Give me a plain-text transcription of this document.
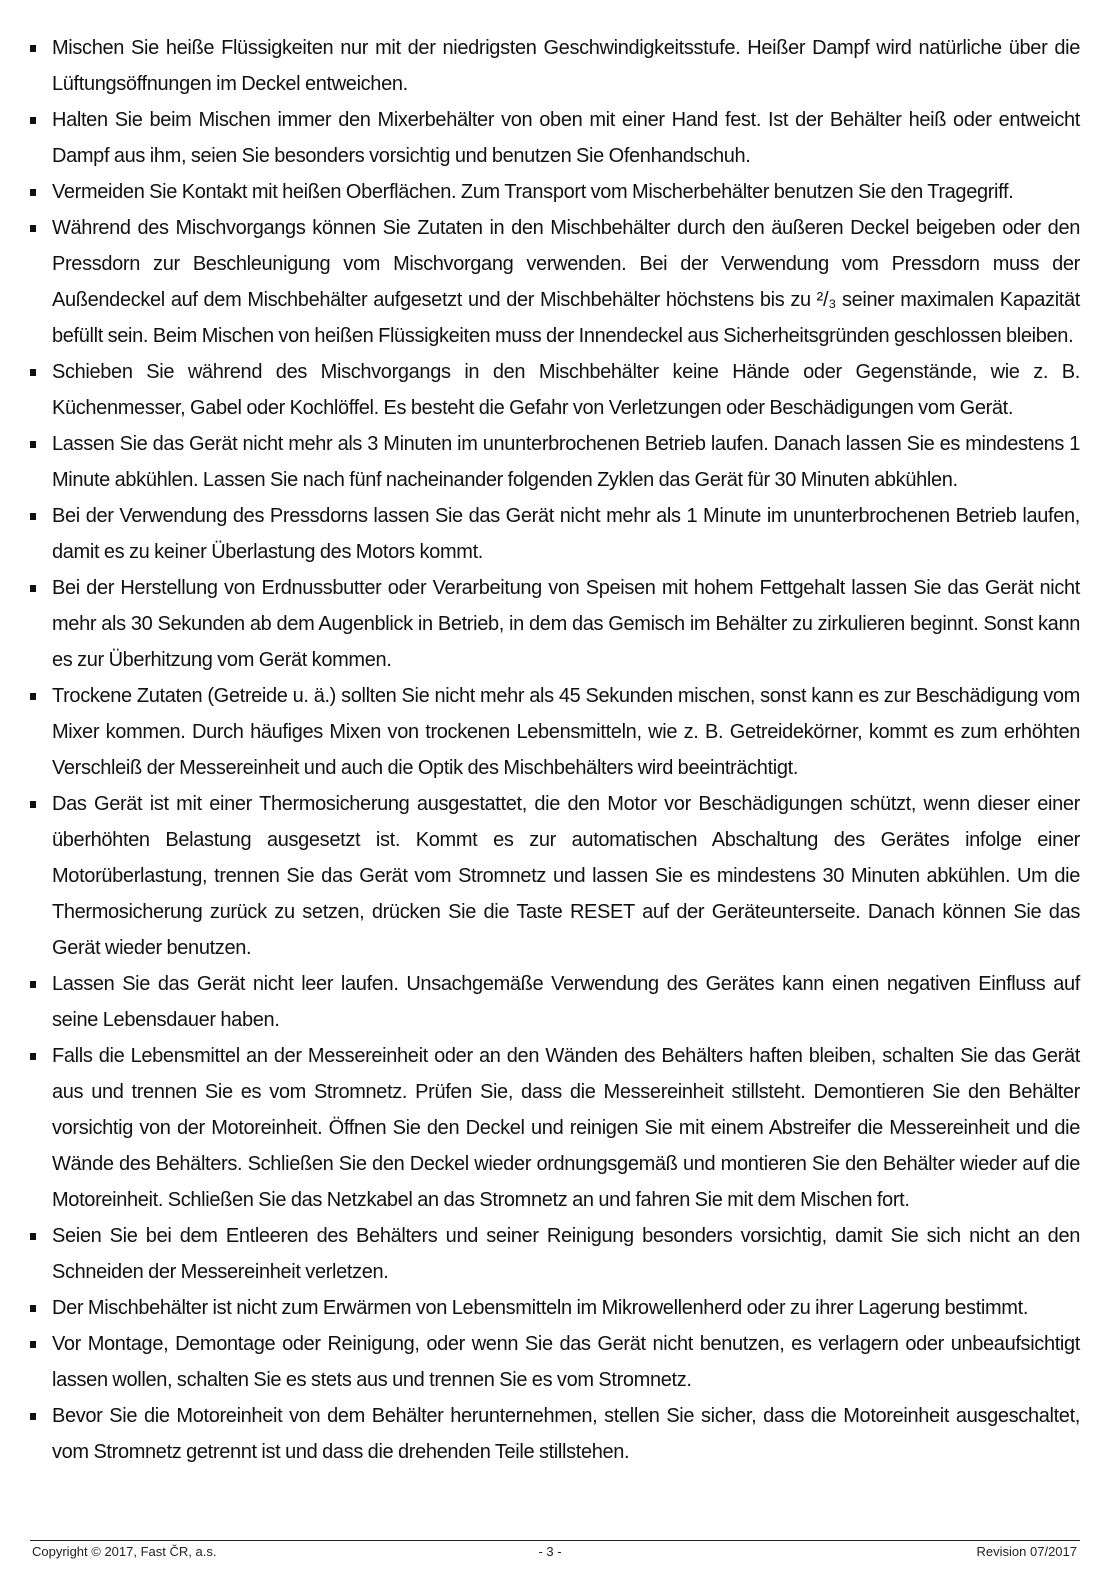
Mischen Sie heiße Flüssigkeiten nur mit der niedrigsten Geschwindigkeitsstufe. Heißer Dampf wird natürliche über die Lüftungsöffnungen im Deckel entweichen.
Halten Sie beim Mischen immer den Mixerbehälter von oben mit einer Hand fest. Ist der Behälter heiß oder entweicht Dampf aus ihm, seien Sie besonders vorsichtig und benutzen Sie Ofenhandschuh.
Vermeiden Sie Kontakt mit heißen Oberflächen. Zum Transport vom Mischerbehälter benutzen Sie den Tragegriff.
Während des Mischvorgangs können Sie Zutaten in den Mischbehälter durch den äußeren Deckel beigeben oder den Pressdorn zur Beschleunigung vom Mischvorgang verwenden. Bei der Verwendung vom Pressdorn muss der Außendeckel auf dem Mischbehälter aufgesetzt und der Mischbehälter höchstens bis zu ²/₃ seiner maximalen Kapazität befüllt sein. Beim Mischen von heißen Flüssigkeiten muss der Innendeckel aus Sicherheitsgründen geschlossen bleiben.
Schieben Sie während des Mischvorgangs in den Mischbehälter keine Hände oder Gegenstände, wie z. B. Küchenmesser, Gabel oder Kochlöffel. Es besteht die Gefahr von Verletzungen oder Beschädigungen vom Gerät.
Lassen Sie das Gerät nicht mehr als 3 Minuten im ununterbrochenen Betrieb laufen. Danach lassen Sie es mindestens 1 Minute abkühlen. Lassen Sie nach fünf nacheinander folgenden Zyklen das Gerät für 30 Minuten abkühlen.
Bei der Verwendung des Pressdorns lassen Sie das Gerät nicht mehr als 1 Minute im ununterbrochenen Betrieb laufen, damit es zu keiner Überlastung des Motors kommt.
Bei der Herstellung von Erdnussbutter oder Verarbeitung von Speisen mit hohem Fettgehalt lassen Sie das Gerät nicht mehr als 30 Sekunden ab dem Augenblick in Betrieb, in dem das Gemisch im Behälter zu zirkulieren beginnt. Sonst kann es zur Überhitzung vom Gerät kommen.
Trockene Zutaten (Getreide u. ä.) sollten Sie nicht mehr als 45 Sekunden mischen, sonst kann es zur Beschädigung vom Mixer kommen. Durch häufiges Mixen von trockenen Lebensmitteln, wie z. B. Getreidekörner, kommt es zum erhöhten Verschleiß der Messereinheit und auch die Optik des Mischbehälters wird beeinträchtigt.
Das Gerät ist mit einer Thermosicherung ausgestattet, die den Motor vor Beschädigungen schützt, wenn dieser einer überhöhten Belastung ausgesetzt ist. Kommt es zur automatischen Abschaltung des Gerätes infolge einer Motorüberlastung, trennen Sie das Gerät vom Stromnetz und lassen Sie es mindestens 30 Minuten abkühlen. Um die Thermosicherung zurück zu setzen, drücken Sie die Taste RESET auf der Geräteunterseite. Danach können Sie das Gerät wieder benutzen.
Lassen Sie das Gerät nicht leer laufen. Unsachgemäße Verwendung des Gerätes kann einen negativen Einfluss auf seine Lebensdauer haben.
Falls die Lebensmittel an der Messereinheit oder an den Wänden des Behälters haften bleiben, schalten Sie das Gerät aus und trennen Sie es vom Stromnetz. Prüfen Sie, dass die Messereinheit stillsteht. Demontieren Sie den Behälter vorsichtig von der Motoreinheit. Öffnen Sie den Deckel und reinigen Sie mit einem Abstreifer die Messereinheit und die Wände des Behälters. Schließen Sie den Deckel wieder ordnungsgemäß und montieren Sie den Behälter wieder auf die Motoreinheit. Schließen Sie das Netzkabel an das Stromnetz an und fahren Sie mit dem Mischen fort.
Seien Sie bei dem Entleeren des Behälters und seiner Reinigung besonders vorsichtig, damit Sie sich nicht an den Schneiden der Messereinheit verletzen.
Der Mischbehälter ist nicht zum Erwärmen von Lebensmitteln im Mikrowellenherd oder zu ihrer Lagerung bestimmt.
Vor Montage, Demontage oder Reinigung, oder wenn Sie das Gerät nicht benutzen, es verlagern oder unbeaufsichtigt lassen wollen, schalten Sie es stets aus und trennen Sie es vom Stromnetz.
Bevor Sie die Motoreinheit von dem Behälter herunternehmen, stellen Sie sicher, dass die Motoreinheit ausgeschaltet, vom Stromnetz getrennt ist und dass die drehenden Teile stillstehen.
Copyright © 2017, Fast ČR, a.s.	- 3 -	Revision 07/2017
